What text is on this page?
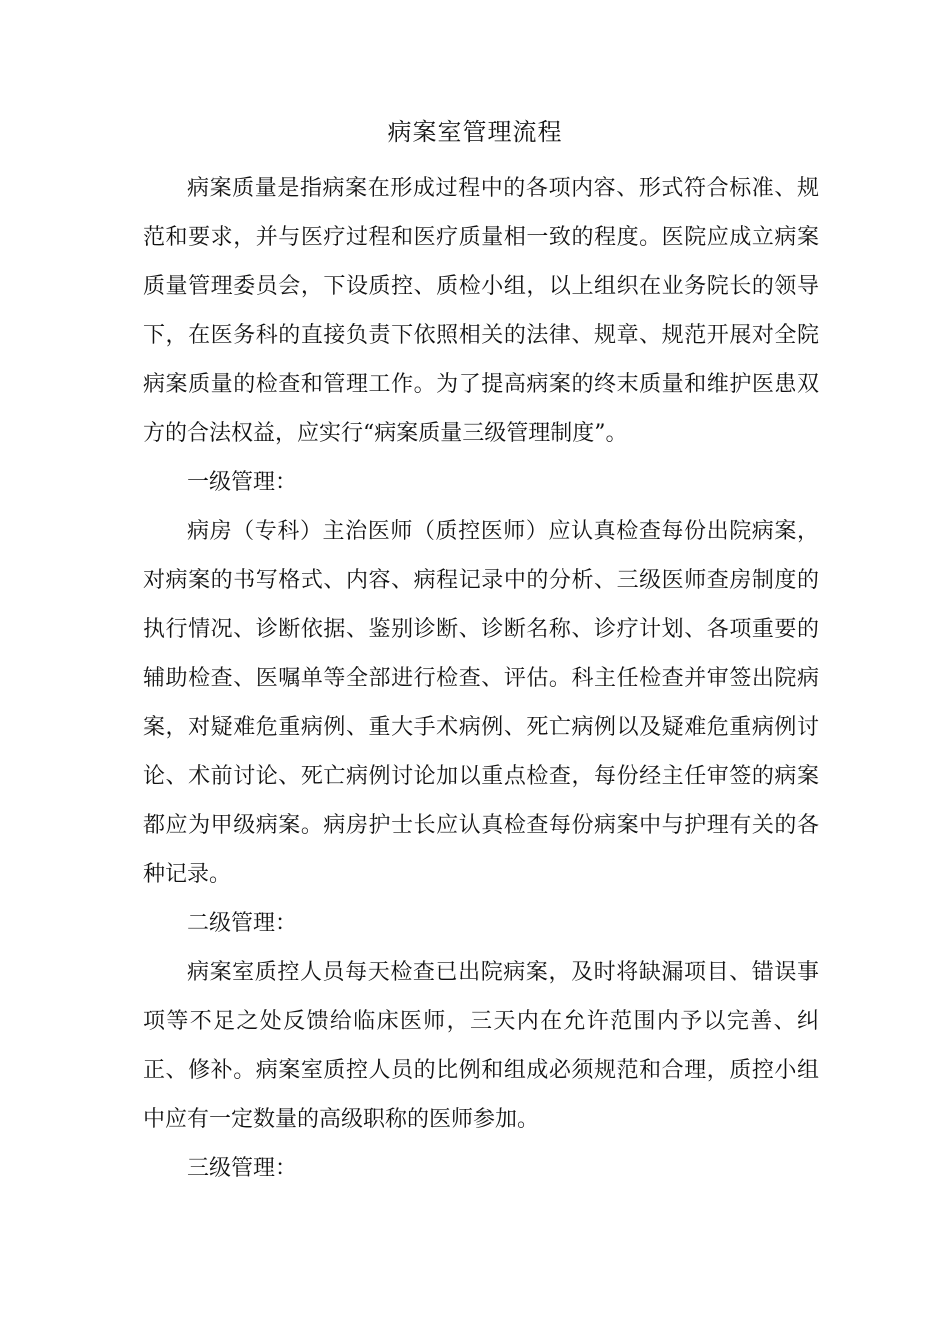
病案室管理流程

病案质量是指病案在形成过程中的各项内容、形式符合标准、规范和要求，并与医疗过程和医疗质量相一致的程度。医院应成立病案质量管理委员会，下设质控、质检小组，以上组织在业务院长的领导下，在医务科的直接负责下依照相关的法律、规章、规范开展对全院病案质量的检查和管理工作。为了提高病案的终末质量和维护医患双方的合法权益，应实行“病案质量三级管理制度”。

一级管理：

病房（专科）主治医师（质控医师）应认真检查每份出院病案，对病案的书写格式、内容、病程记录中的分析、三级医师查房制度的执行情况、诊断依据、鉴别诊断、诊断名称、诊疗计划、各项重要的辅助检查、医嘱单等全部进行检查、评估。科主任检查并审签出院病案，对疑难危重病例、重大手术病例、死亡病例以及疑难危重病例讨论、术前讨论、死亡病例讨论加以重点检查，每份经主任审签的病案都应为甲级病案。病房护士长应认真检查每份病案中与护理有关的各种记录。

二级管理：

病案室质控人员每天检查已出院病案，及时将缺漏项目、错误事项等不足之处反馈给临床医师，三天内在允许范围内予以完善、纠正、修补。病案室质控人员的比例和组成必须规范和合理，质控小组中应有一定数量的高级职称的医师参加。

三级管理：
